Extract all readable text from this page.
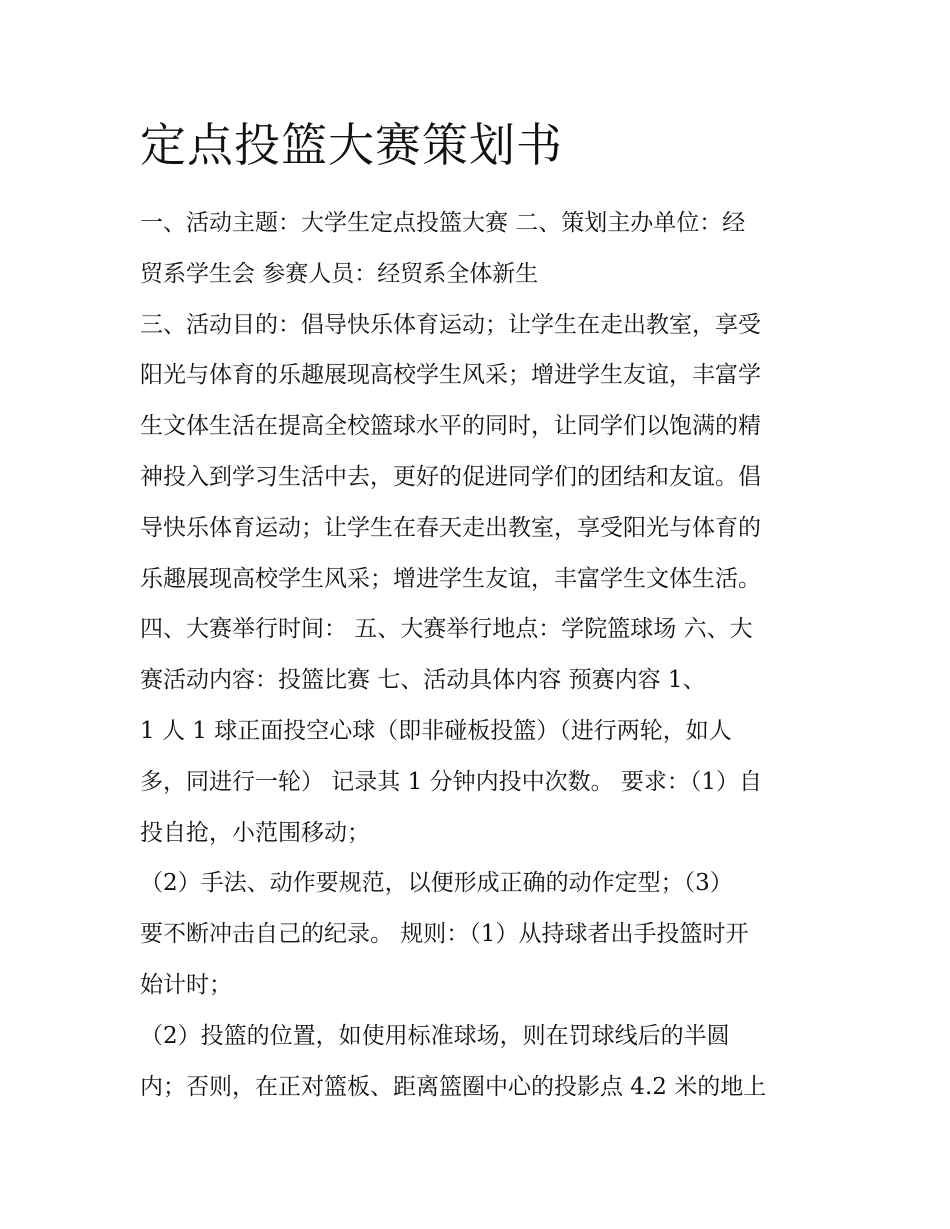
定点投篮大赛策划书
一、活动主题：大学生定点投篮大赛 二、策划主办单位：经
贸系学生会 参赛人员：经贸系全体新生
三、活动目的：倡导快乐体育运动；让学生在走出教室，享受
阳光与体育的乐趣展现高校学生风采；增进学生友谊，丰富学
生文体生活在提高全校篮球水平的同时，让同学们以饱满的精
神投入到学习生活中去，更好的促进同学们的团结和友谊。倡
导快乐体育运动；让学生在春天走出教室，享受阳光与体育的
乐趣展现高校学生风采；增进学生友谊，丰富学生文体生活。
四、大赛举行时间： 五、大赛举行地点：学院篮球场 六、大
赛活动内容：投篮比赛 七、活动具体内容 预赛内容 1、
1 人 1 球正面投空心球（即非碰板投篮）（进行两轮，如人
多，同进行一轮） 记录其 1 分钟内投中次数。 要求：（1）自
投自抢，小范围移动；
（2）手法、动作要规范，以便形成正确的动作定型；（3）
要不断冲击自己的纪录。 规则：（1）从持球者出手投篮时开
始计时；
（2）投篮的位置，如使用标准球场，则在罚球线后的半圆
内；否则，在正对篮板、距离篮圈中心的投影点 4.2 米的地上
